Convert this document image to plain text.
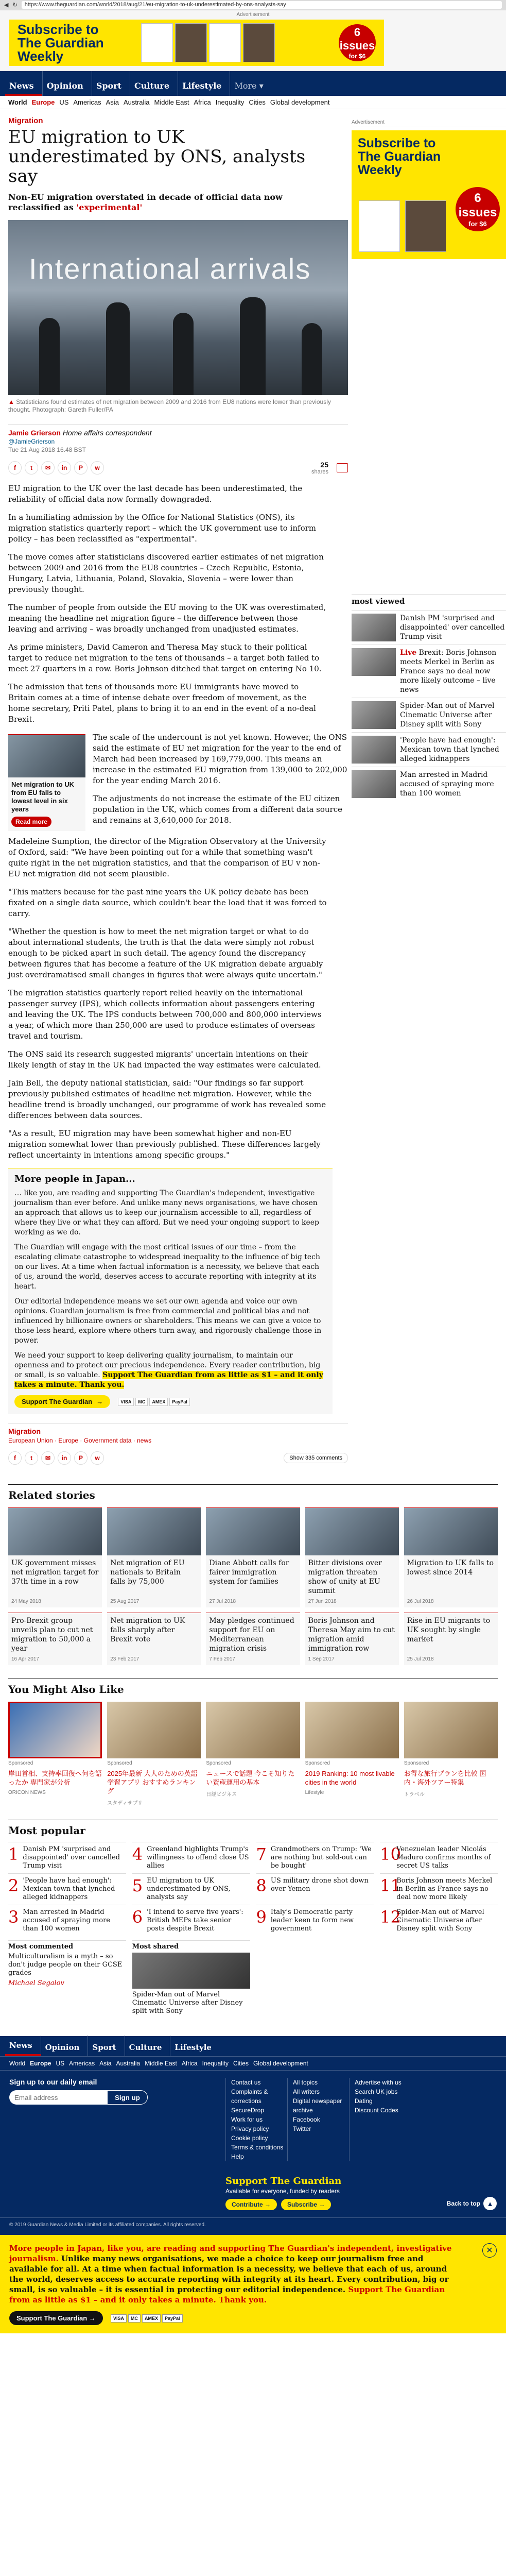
◀ ↻	https://www.theguardian.com/world/2018/aug/21/eu-migration-to-uk-underestimated-by-ons-analysts-say
Advertisement
Subscribe to The Guardian Weekly
6 issues
for $6
News	Opinion	Sport	Culture	Lifestyle	More ▾
World Europe US Americas Asia Australia Middle East Africa Inequality Cities Global development
Migration
EU migration to UK underestimated by ONS, analysts say
Non-EU migration overstated in decade of official data now reclassified as 'experimental'
International arrivals
▲ Statisticians found estimates of net migration between 2009 and 2016 from EU8 nations were lower than previously thought. Photograph: Gareth Fuller/PA
Jamie Grierson Home affairs correspondent
@JamieGrierson
Tue 21 Aug 2018 16.48 BST
f	t	✉	in	P	w	25
shares

EU migration to the UK over the last decade has been underestimated, the reliability of official data now formally downgraded.

In a humiliating admission by the Office for National Statistics (ONS), its migration statistics quarterly report – which the UK government use to inform policy – has been reclassified as "experimental".

The move comes after statisticians discovered earlier estimates of net migration between 2009 and 2016 from the EU8 countries – Czech Republic, Estonia, Hungary, Latvia, Lithuania, Poland, Slovakia, Slovenia – were lower than previously thought.

The number of people from outside the EU moving to the UK was overestimated, meaning the headline net migration figure – the difference between those leaving and arriving – was broadly unchanged from unadjusted estimates.

As prime ministers, David Cameron and Theresa May stuck to their political target to reduce net migration to the tens of thousands – a target both failed to meet 27 quarters in a row. Boris Johnson ditched that target on entering No 10.

The admission that tens of thousands more EU immigrants have moved to Britain comes at a time of intense debate over freedom of movement, as the home secretary, Priti Patel, plans to bring it to an end in the event of a no-deal Brexit.

Net migration to UK from EU falls to lowest level in six years
Read more

The scale of the undercount is not yet known. However, the ONS said the estimate of EU net migration for the year to the end of March had been increased by 169,779,000. This means an increase in the estimated EU migration from 139,000 to 202,000 for the year ending March 2016.

The adjustments do not increase the estimate of the EU citizen population in the UK, which comes from a different data source and remains at 3,640,000 for 2018.

Madeleine Sumption, the director of the Migration Observatory at the University of Oxford, said: "We have been pointing out for a while that something wasn't quite right in the net migration statistics, and that the comparison of EU v non-EU net migration did not seem plausible.

"This matters because for the past nine years the UK policy debate has been fixated on a single data source, which couldn't bear the load that it was forced to carry.

"Whether the question is how to meet the net migration target or what to do about international students, the truth is that the data were simply not robust enough to be picked apart in such detail. The agency found the discrepancy between figures that has become a feature of the UK migration debate arguably just overdramatised small changes in figures that were always quite uncertain."

The migration statistics quarterly report relied heavily on the international passenger survey (IPS), which collects information about passengers entering and leaving the UK. The IPS conducts between 700,000 and 800,000 interviews a year, of which more than 250,000 are used to produce estimates of overseas travel and tourism.

The ONS said its research suggested migrants' uncertain intentions on their likely length of stay in the UK had impacted the way estimates were calculated.

Jain Bell, the deputy national statistician, said: "Our findings so far support previously published estimates of headline net migration. However, while the headline trend is broadly unchanged, our programme of work has revealed some differences between data sources.

"As a result, EU migration may have been somewhat higher and non-EU migration somewhat lower than previously published. These differences largely reflect uncertainty in intentions among specific groups."

More people in Japan...

… like you, are reading and supporting The Guardian's independent, investigative journalism than ever before. And unlike many news organisations, we have chosen an approach that allows us to keep our journalism accessible to all, regardless of where they live or what they can afford. But we need your ongoing support to keep working as we do.

The Guardian will engage with the most critical issues of our time – from the escalating climate catastrophe to widespread inequality to the influence of big tech on our lives. At a time when factual information is a necessity, we believe that each of us, around the world, deserves access to accurate reporting with integrity at its heart.

Our editorial independence means we set our own agenda and voice our own opinions. Guardian journalism is free from commercial and political bias and not influenced by billionaire owners or shareholders. This means we can give a voice to those less heard, explore where others turn away, and rigorously challenge those in power.

We need your support to keep delivering quality journalism, to maintain our openness and to protect our precious independence. Every reader contribution, big or small, is so valuable. Support The Guardian from as little as $1 – and it only takes a minute. Thank you.

Support The Guardian →
	VISA	MC	AMEX	PayPal
Migration
European Union · Europe · Government data · news
f	t	✉	in	P	w	Show 335 comments
Advertisement
Subscribe to The Guardian Weekly
6 issues
for $6
most viewed
Danish PM 'surprised and disappointed' over cancelled Trump visit
Live Brexit: Boris Johnson meets Merkel in Berlin as France says no deal now more likely outcome – live news
Spider-Man out of Marvel Cinematic Universe after Disney split with Sony
'People have had enough': Mexican town that lynched alleged kidnappers
Man arrested in Madrid accused of spraying more than 100 women
Related stories
UK government misses net migration target for 37th time in a row
24 May 2018
Net migration of EU nationals to Britain falls by 75,000
25 Aug 2017
Diane Abbott calls for fairer immigration system for families
27 Jul 2018
Bitter divisions over migration threaten show of unity at EU summit
27 Jun 2018
Migration to UK falls to lowest since 2014
26 Jul 2018
Pro-Brexit group unveils plan to cut net migration to 50,000 a year
16 Apr 2017
Net migration to UK falls sharply after Brexit vote
23 Feb 2017
May pledges continued support for EU on Mediterranean migration crisis
7 Feb 2017
Boris Johnson and Theresa May aim to cut migration amid immigration row
1 Sep 2017
Rise in EU migrants to UK sought by single market
25 Jul 2018
You Might Also Like
Sponsored
岸田首相、支持率回復へ何を語ったか 専門家が分析
ORICON NEWS
Sponsored
2025年最新 大人のための英語学習アプリ おすすめランキング
スタディサプリ
Sponsored
ニュースで話題 今こそ知りたい資産運用の基本
日経ビジネス
Sponsored
2019 Ranking: 10 most livable cities in the world
Lifestyle
Sponsored
お得な旅行プランを比較 国内・海外ツアー特集
トラベル
Most popular
1 Danish PM 'surprised and disappointed' over cancelled Trump visit
4 Greenland highlights Trump's willingness to offend close US allies
7 Grandmothers on Trump: 'We are nothing but sold-out can be bought'
10
Venezuelan leader Nicolás Maduro confirms months of secret US talks
2 'People have had enough': Mexican town that lynched alleged kidnappers
5 EU migration to UK underestimated by ONS, analysts say
8 US military drone shot down over Yemen	11
Boris Johnson meets Merkel in Berlin as France says no deal now more likely
3 Man arrested in Madrid accused of spraying more than 100 women
6 'I intend to serve five years': British MEPs take senior posts despite Brexit
9 Italy's Democratic party leader keen to form new government
12
Spider-Man out of Marvel Cinematic Universe after Disney split with Sony
Most commented
Multiculturalism is a myth – so don't judge people on their GCSE grades
Michael Segalov
Most shared
Spider-Man out of Marvel Cinematic Universe after Disney split with Sony
News	Opinion	Sport	Culture	Lifestyle
World Europe US Americas Asia Australia Middle East Africa Inequality Cities Global development
Sign up to our daily email
Email address
Sign up
Contact us
Complaints & corrections
SecureDrop
Work for us
Privacy policy
Cookie policy
Terms & conditions
Help
All topics
All writers
Digital newspaper archive
Facebook
Twitter
Advertise with us
Search UK jobs
Dating
Discount Codes
Support The Guardian
Available for everyone, funded by readers
Contribute →	Subscribe →	Back to top ▲
© 2019 Guardian News & Media Limited or its affiliated companies. All rights reserved.

More people in Japan, like you, are reading and supporting The Guardian's independent, investigative journalism. Unlike many news organisations, we made a choice to keep our journalism free and available for all. At a time when factual information is a necessity, we believe that each of us, around the world, deserves access to accurate reporting with integrity at its heart. Every contribution, big or small, is so valuable – it is essential in protecting our editorial independence. Support The Guardian from as little as $1 – and it only takes a minute. Thank you.

✕
Support The Guardian →	VISA	MC	AMEX	PayPal
